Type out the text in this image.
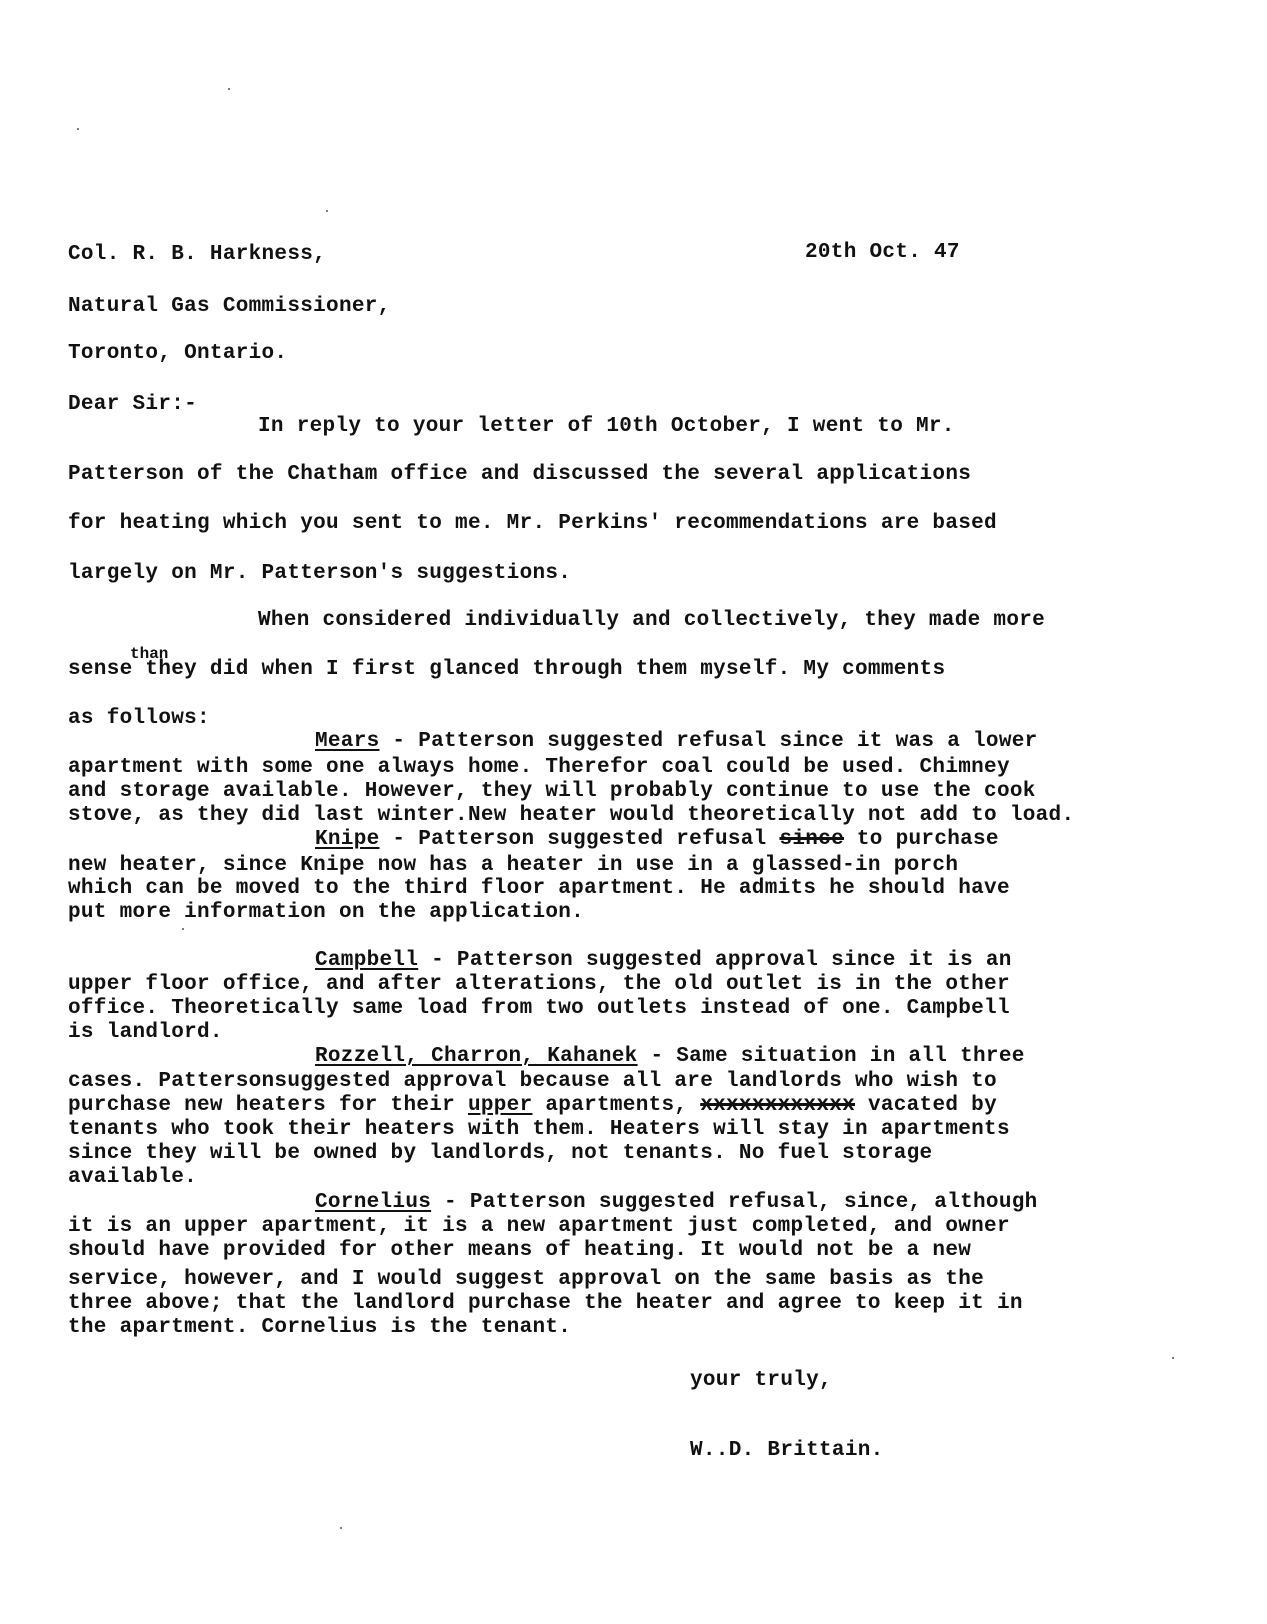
Col. R. B. Harkness,	20th Oct. 47
Natural Gas Commissioner,
Toronto, Ontario.
Dear Sir:-
In reply to your letter of 10th October, I went to Mr.
Patterson of the Chatham office and discussed the several applications
for heating which you sent to me. Mr. Perkins' recommendations are based
largely on Mr. Patterson's suggestions.
When considered individually and collectively, they made more
sense they did when I first glanced through them myself. My comments
than
as follows:
Mears - Patterson suggested refusal since it was a lower
apartment with some one always home. Therefor coal could be used. Chimney
and storage available. However, they will probably continue to use the cook
stove, as they did last winter.New heater would theoretically not add to load.
Knipe - Patterson suggested refusal since to purchase
new heater, since Knipe now has a heater in use in a glassed-in porch
which can be moved to the third floor apartment. He admits he should have
put more information on the application.
Campbell - Patterson suggested approval since it is an
upper floor office, and after alterations, the old outlet is in the other
office. Theoretically same load from two outlets instead of one. Campbell
is landlord.
Rozzell, Charron, Kahanek - Same situation in all three
cases. Pattersonsuggested approval because all are landlords who wish to
purchase new heaters for their upper apartments, xxxxxxxxxxxx vacated by
tenants who took their heaters with them. Heaters will stay in apartments
since they will be owned by landlords, not tenants. No fuel storage
available.
Cornelius - Patterson suggested refusal, since, although
it is an upper apartment, it is a new apartment just completed, and owner
should have provided for other means of heating. It would not be a new
service, however, and I would suggest approval on the same basis as the
three above; that the landlord purchase the heater and agree to keep it in
the apartment. Cornelius is the tenant.
your truly,
W..D. Brittain.
